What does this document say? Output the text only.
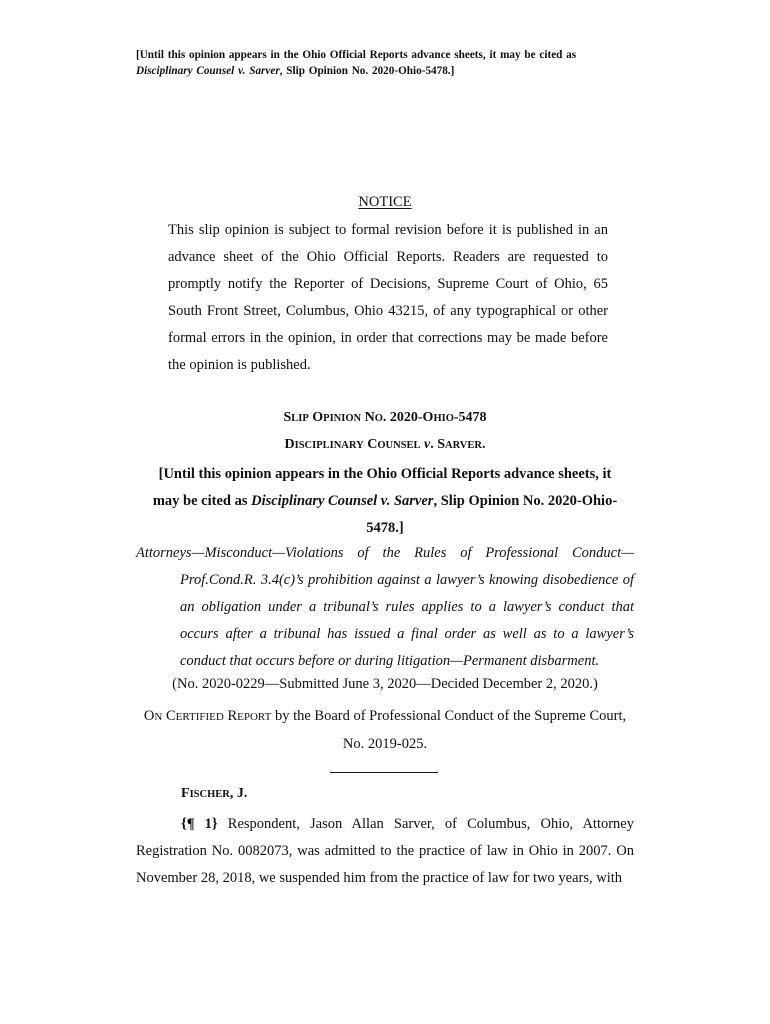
[Until this opinion appears in the Ohio Official Reports advance sheets, it may be cited as Disciplinary Counsel v. Sarver, Slip Opinion No. 2020-Ohio-5478.]
NOTICE
This slip opinion is subject to formal revision before it is published in an advance sheet of the Ohio Official Reports. Readers are requested to promptly notify the Reporter of Decisions, Supreme Court of Ohio, 65 South Front Street, Columbus, Ohio 43215, of any typographical or other formal errors in the opinion, in order that corrections may be made before the opinion is published.
SLIP OPINION NO. 2020-OHIO-5478
DISCIPLINARY COUNSEL v. SARVER.
[Until this opinion appears in the Ohio Official Reports advance sheets, it may be cited as Disciplinary Counsel v. Sarver, Slip Opinion No. 2020-Ohio-5478.]
Attorneys—Misconduct—Violations of the Rules of Professional Conduct—
Prof.Cond.R. 3.4(c)’s prohibition against a lawyer’s knowing disobedience of an obligation under a tribunal’s rules applies to a lawyer’s conduct that occurs after a tribunal has issued a final order as well as to a lawyer’s conduct that occurs before or during litigation—Permanent disbarment.
(No. 2020-0229—Submitted June 3, 2020—Decided December 2, 2020.)
ON CERTIFIED REPORT by the Board of Professional Conduct of the Supreme Court, No. 2019-025.
FISCHER, J.
{¶ 1} Respondent, Jason Allan Sarver, of Columbus, Ohio, Attorney Registration No. 0082073, was admitted to the practice of law in Ohio in 2007. On November 28, 2018, we suspended him from the practice of law for two years, with
